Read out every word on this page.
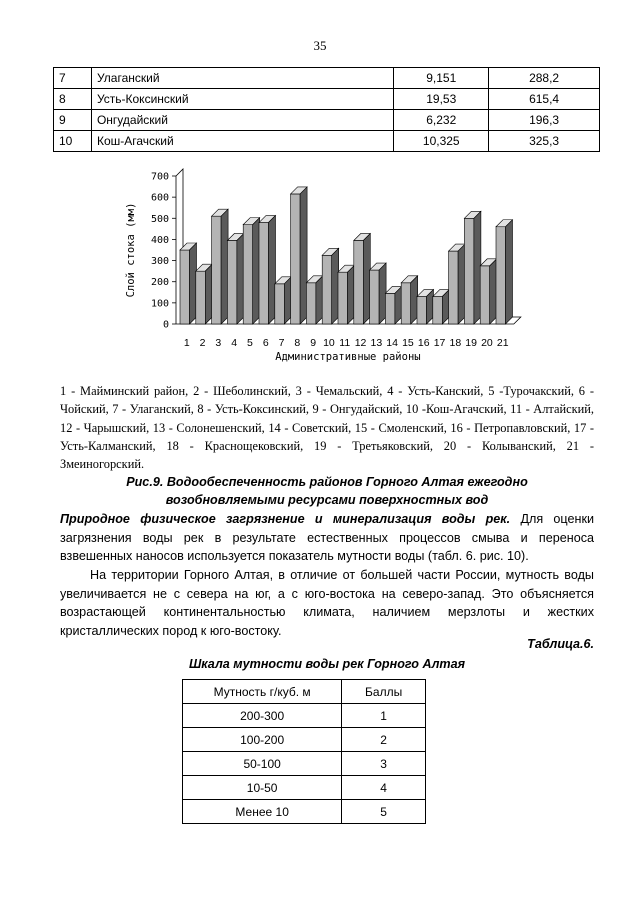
35
7	Улаганский	9,151	288,2
8	Усть-Коксинский	19,53	615,4
9	Онгудайский	6,232	196,3
10	Кош-Агачский	10,325	325,3
0
100
200
300
400
500
600
700
Слой стока (мм)
1 2 3 4 5 6 7 8 9 10 11 12 13 14 15 16 17 18 19 20 21
Административные районы
1 - Майминский район, 2 - Шеболинский, 3 - Чемальский, 4 - Усть-Канский, 5 -Турочакский, 6 - Чойский, 7 - Улаганский, 8 - Усть-Коксинский, 9 - Онгудайский, 10 -Кош-Агачский, 11 - Алтайский, 12 - Чарышский, 13 - Солонешенский, 14 - Советский, 15 - Смоленский, 16 - Петропавловский, 17 - Усть-Калманский, 18 - Краснощековский, 19 - Третьяковский, 20 - Колыванский, 21 - Змеиногорский.
Рис.9. Водообеспеченность районов Горного Алтая ежегодно
возобновляемыми ресурсами поверхностных вод
Природное физическое загрязнение и минерализация воды рек. Для оценки загрязнения воды рек в результате естественных процессов смыва и переноса взвешенных наносов используется показатель мутности воды (табл. 6. рис. 10).
На территории Горного Алтая, в отличие от большей части России, мутность воды увеличивается не с севера на юг, а с юго-востока на северо-запад. Это объясняется возрастающей континентальностью климата, наличием мерзлоты и жестких кристаллических пород к юго-востоку.
Таблица.6.
Шкала мутности воды рек Горного Алтая
Мутность г/куб. м	Баллы
200-300	1
100-200	2
50-100	3
10-50	4
Менее 10	5
